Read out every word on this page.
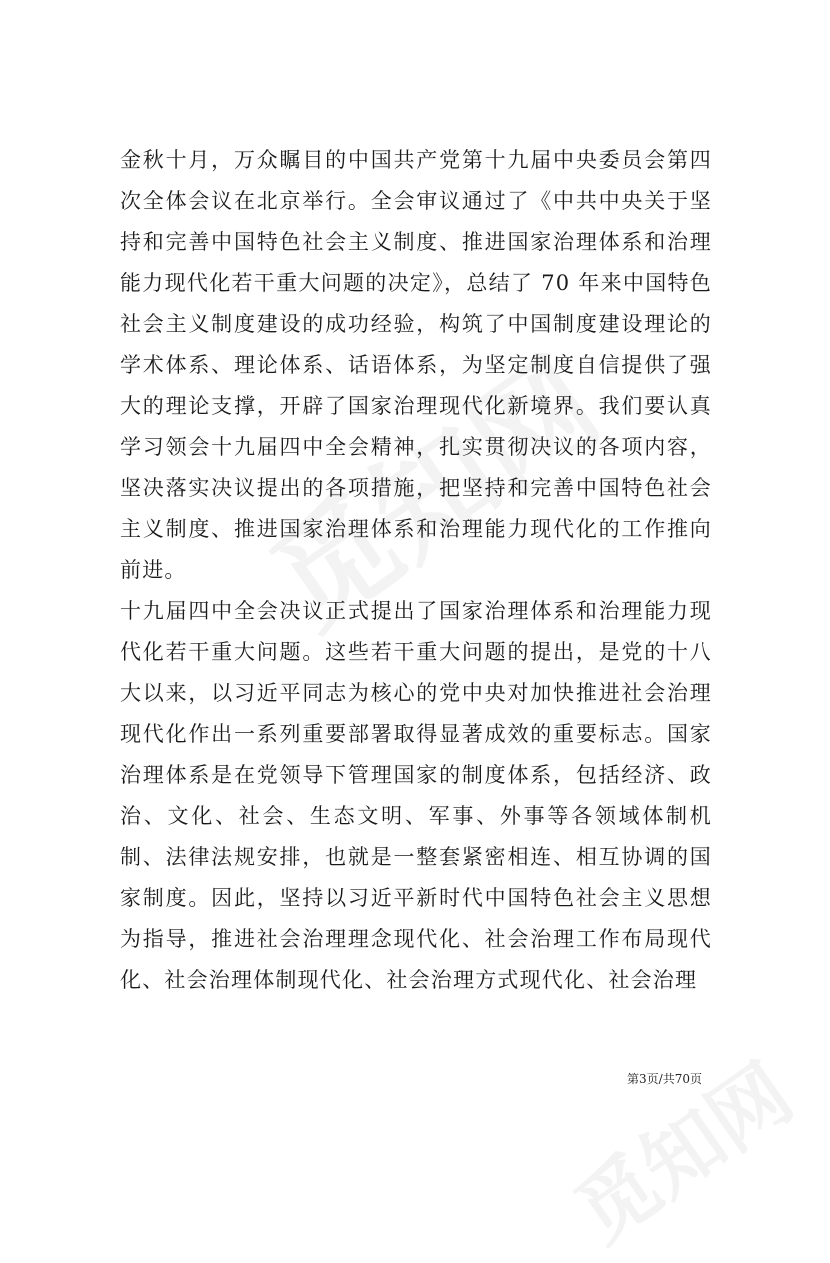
金秋十月，万众瞩目的中国共产党第十九届中央委员会第四次全体会议在北京举行。全会审议通过了《中共中央关于坚持和完善中国特色社会主义制度、推进国家治理体系和治理能力现代化若干重大问题的决定》，总结了 70 年来中国特色社会主义制度建设的成功经验，构筑了中国制度建设理论的学术体系、理论体系、话语体系，为坚定制度自信提供了强大的理论支撑，开辟了国家治理现代化新境界。我们要认真学习领会十九届四中全会精神，扎实贯彻决议的各项内容，坚决落实决议提出的各项措施，把坚持和完善中国特色社会主义制度、推进国家治理体系和治理能力现代化的工作推向前进。

十九届四中全会决议正式提出了国家治理体系和治理能力现代化若干重大问题。这些若干重大问题的提出，是党的十八大以来，以习近平同志为核心的党中央对加快推进社会治理现代化作出一系列重要部署取得显著成效的重要标志。国家治理体系是在党领导下管理国家的制度体系，包括经济、政治、文化、社会、生态文明、军事、外事等各领域体制机制、法律法规安排，也就是一整套紧密相连、相互协调的国家制度。因此，坚持以习近平新时代中国特色社会主义思想为指导，推进社会治理理念现代化、社会治理工作布局现代化、社会治理体制现代化、社会治理方式现代化、社会治理

第3页/共70页
